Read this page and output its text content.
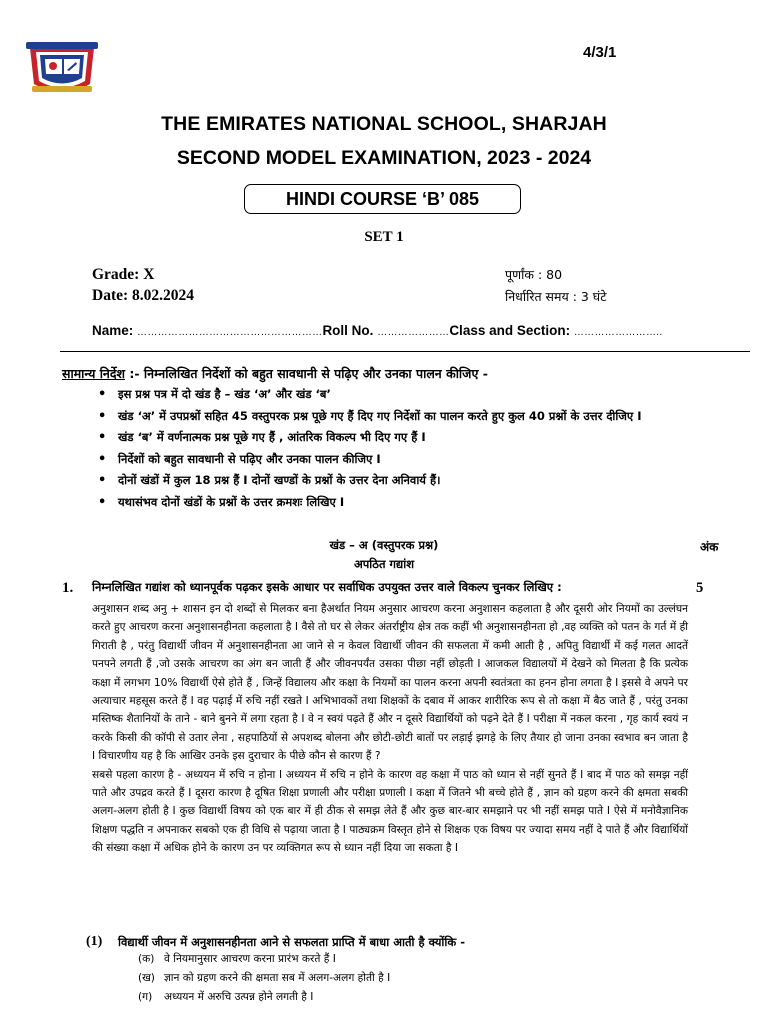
4/3/1
THE EMIRATES NATIONAL SCHOOL, SHARJAH
SECOND MODEL EXAMINATION, 2023 - 2024
HINDI COURSE ‘B’ 085
SET 1
Grade: X
Date: 8.02.2024
पूर्णांक : 80
निर्धारित समय : 3 घंटे
Name: ………………………………………………Roll No. …………………Class and Section: ……………………..
सामान्य निर्देश :- निम्नलिखित निर्देशों को बहुत सावधानी से पढ़िए और उनका पालन कीजिए -
• इस प्रश्न पत्र में दो खंड है – खंड ‘अ’ और खंड ‘ब’
• खंड ‘अ’ में उपप्रश्नों सहित 45 वस्तुपरक प्रश्न पूछे गए हैं दिए गए निर्देशों का पालन करते हुए कुल 40 प्रश्नों के उत्तर दीजिए I
• खंड ‘ब’ में वर्णनात्मक प्रश्न पूछे गए हैं , आंतरिक विकल्प भी दिए गए हैं I
• निर्देशों को बहुत सावधानी से पढ़िए और उनका पालन कीजिए I
• दोनों खंडों में कुल 18 प्रश्न हैं I दोनों खण्डों के प्रश्नों के उत्तर देना अनिवार्य हैं।
• यथासंभव दोनों खंडों के प्रश्नों के उत्तर क्रमशः लिखिए I
खंड – अ (वस्तुपरक प्रश्न)	अंक
अपठित गद्यांश
1. निम्नलिखित गद्यांश को ध्यानपूर्वक पढ़कर इसके आधार पर सर्वाधिक उपयुक्त उत्तर वाले विकल्प चुनकर लिखिए :	5

अनुशासन शब्द अनु + शासन इन दो शब्दों से मिलकर बना हैअर्थात नियम अनुसार आचरण करना अनुशासन कहलाता है और दूसरी ओर नियमों का उल्लंघन करते हुए आचरण करना अनुशासनहीनता कहलाता है I वैसे तो घर से लेकर अंतर्राष्ट्रीय क्षेत्र तक कहीं भी अनुशासनहीनता हो ,वह व्यक्ति को पतन के गर्त में ही गिराती है , परंतु विद्यार्थी जीवन में अनुशासनहीनता आ जाने से न केवल विद्यार्थी जीवन की सफलता में कमी आती है , अपितु विद्यार्थी में कई गलत आदतें पनपने लगती हैं ,जो उसके आचरण का अंग बन जाती हैं और जीवनपर्यंत उसका पीछा नहीं छोड़ती I आजकल विद्यालयों में देखने को मिलता है कि प्रत्येक कक्षा में लगभग 10% विद्यार्थी ऐसे होते हैं , जिन्हें विद्यालय और कक्षा के नियमों का पालन करना अपनी स्वतंत्रता का हनन होना लगता है I इससे वे अपने पर अत्याचार महसूस करते हैं I वह पढ़ाई में रुचि नहीं रखते I अभिभावकों तथा शिक्षकों के दबाव में आकर शारीरिक रूप से तो कक्षा में बैठ जाते हैं , परंतु उनका मस्तिष्क शैतानियों के ताने - बाने बुनने में लगा रहता है I वे न स्वयं पढ़ते हैं और न दूसरे विद्यार्थियों को पढ़ने देते हैं I परीक्षा में नकल करना , गृह कार्य स्वयं न करके किसी की कॉपी से उतार लेना , सहपाठियों से अपशब्द बोलना और छोटी-छोटी बातों पर लड़ाई झगड़े के लिए तैयार हो जाना उनका स्वभाव बन जाता है I विचारणीय यह है कि आखिर उनके इस दुराचार के पीछे कौन से कारण हैं ?

सबसे पहला कारण है - अध्ययन में रुचि न होना I अध्ययन में रुचि न होने के कारण वह कक्षा में पाठ को ध्यान से नहीं सुनते हैं I बाद में पाठ को समझ नहीं पाते और उपद्रव करते हैं I दूसरा कारण है दूषित शिक्षा प्रणाली और परीक्षा प्रणाली I कक्षा में जितने भी बच्चे होते हैं , ज्ञान को ग्रहण करने की क्षमता सबकी अलग-अलग होती है I कुछ विद्यार्थी विषय को एक बार में ही ठीक से समझ लेते हैं और कुछ बार-बार समझाने पर भी नहीं समझ पाते I ऐसे में मनोवैज्ञानिक शिक्षण पद्धति न अपनाकर सबको एक ही विधि से पढ़ाया जाता है I पाठ्यक्रम विस्तृत होने से शिक्षक एक विषय पर ज्यादा समय नहीं दे पाते हैं और विद्यार्थियों की संख्या कक्षा में अधिक होने के कारण उन पर व्यक्तिगत रूप से ध्यान नहीं दिया जा सकता है I

(1) विद्यार्थी जीवन में अनुशासनहीनता आने से सफलता प्राप्ति में बाधा आती है क्योंकि -
(क) वे नियमानुसार आचरण करना प्रारंभ करते हैं I
(ख) ज्ञान को ग्रहण करने की क्षमता सब में अलग-अलग होती है I
(ग) अध्ययन में अरुचि उत्पन्न होने लगती है I
